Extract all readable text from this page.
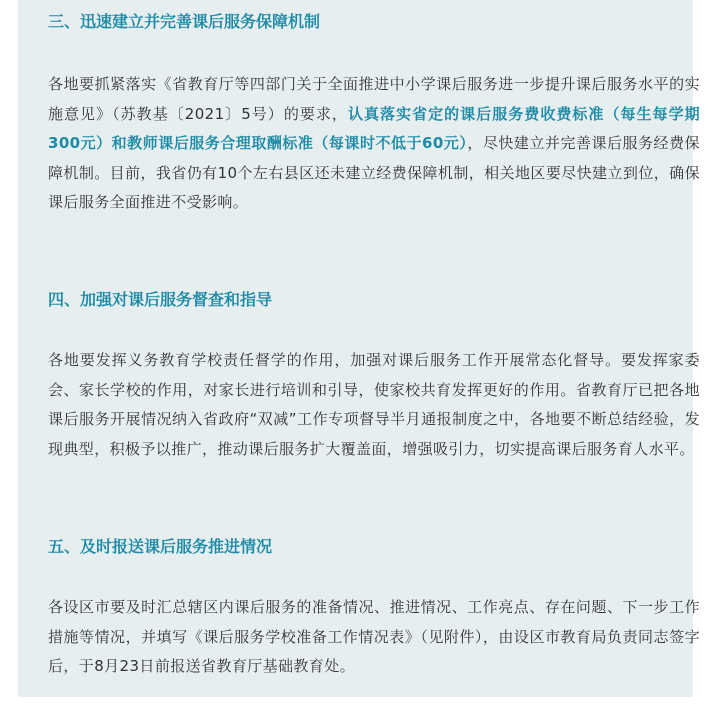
三、迅速建立并完善课后服务保障机制
各地要抓紧落实《省教育厅等四部门关于全面推进中小学课后服务进一步提升课后服务水平的实施意见》（苏教基〔2021〕5号）的要求，认真落实省定的课后服务费收费标准（每生每学期300元）和教师课后服务合理取酬标准（每课时不低于60元），尽快建立并完善课后服务经费保障机制。目前，我省仍有10个左右县区还未建立经费保障机制，相关地区要尽快建立到位，确保课后服务全面推进不受影响。
四、加强对课后服务督查和指导
各地要发挥义务教育学校责任督学的作用，加强对课后服务工作开展常态化督导。要发挥家委会、家长学校的作用，对家长进行培训和引导，使家校共育发挥更好的作用。省教育厅已把各地课后服务开展情况纳入省政府“双减”工作专项督导半月通报制度之中，各地要不断总结经验，发现典型，积极予以推广，推动课后服务扩大覆盖面，增强吸引力，切实提高课后服务育人水平。
五、及时报送课后服务推进情况
各设区市要及时汇总辖区内课后服务的准备情况、推进情况、工作亮点、存在问题、下一步工作措施等情况，并填写《课后服务学校准备工作情况表》（见附件），由设区市教育局负责同志签字后，于8月23日前报送省教育厅基础教育处。
